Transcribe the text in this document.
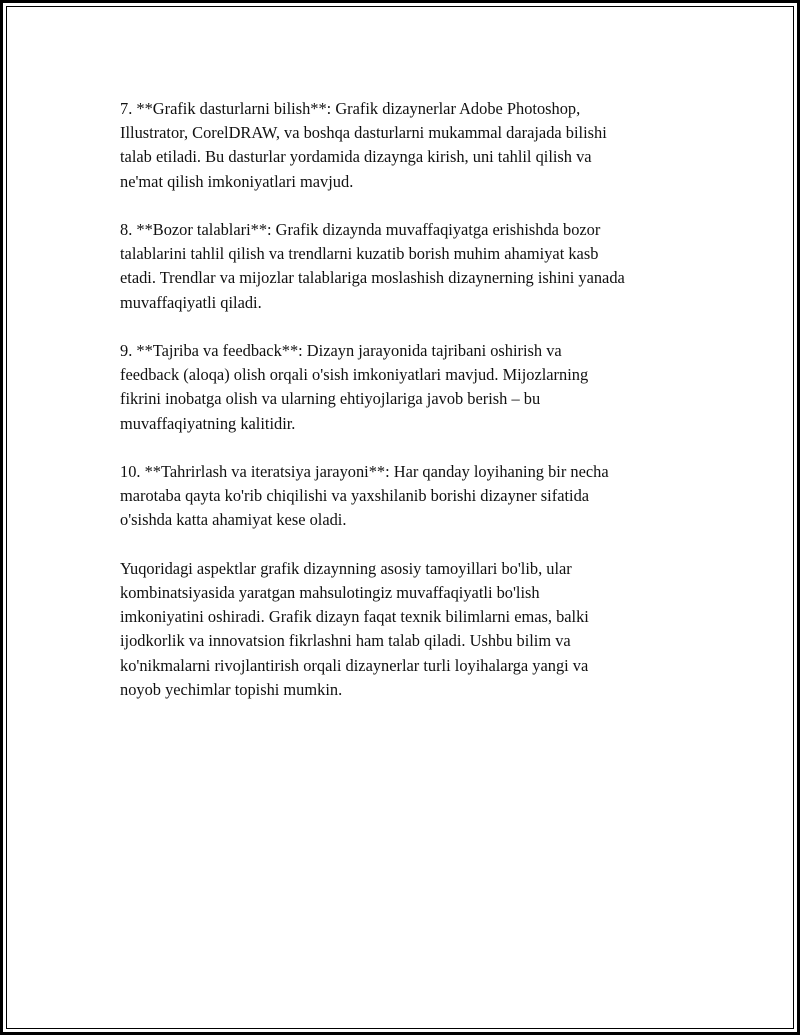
7. **Grafik dasturlarni bilish**: Grafik dizaynerlar Adobe Photoshop,
Illustrator, CorelDRAW, va boshqa dasturlarni mukammal darajada bilishi
talab etiladi. Bu dasturlar yordamida dizaynga kirish, uni tahlil qilish va
ne'mat qilish imkoniyatlari mavjud.

8. **Bozor talablari**: Grafik dizaynda muvaffaqiyatga erishishda bozor
talablarini tahlil qilish va trendlarni kuzatib borish muhim ahamiyat kasb
etadi. Trendlar va mijozlar talablariga moslashish dizaynerning ishini yanada
muvaffaqiyatli qiladi.

9. **Tajriba va feedback**: Dizayn jarayonida tajribani oshirish va
feedback (aloqa) olish orqali o'sish imkoniyatlari mavjud. Mijozlarning
fikrini inobatga olish va ularning ehtiyojlariga javob berish – bu
muvaffaqiyatning kalitidir.

10. **Tahrirlash va iteratsiya jarayoni**: Har qanday loyihaning bir necha
marotaba qayta ko'rib chiqilishi va yaxshilanib borishi dizayner sifatida
o'sishda katta ahamiyat kese oladi.

Yuqoridagi aspektlar grafik dizaynning asosiy tamoyillari bo'lib, ular
kombinatsiyasida yaratgan mahsulotingiz muvaffaqiyatli bo'lish
imkoniyatini oshiradi. Grafik dizayn faqat texnik bilimlarni emas, balki
ijodkorlik va innovatsion fikrlashni ham talab qiladi. Ushbu bilim va
ko'nikmalarni rivojlantirish orqali dizaynerlar turli loyihalarga yangi va
noyob yechimlar topishi mumkin.
